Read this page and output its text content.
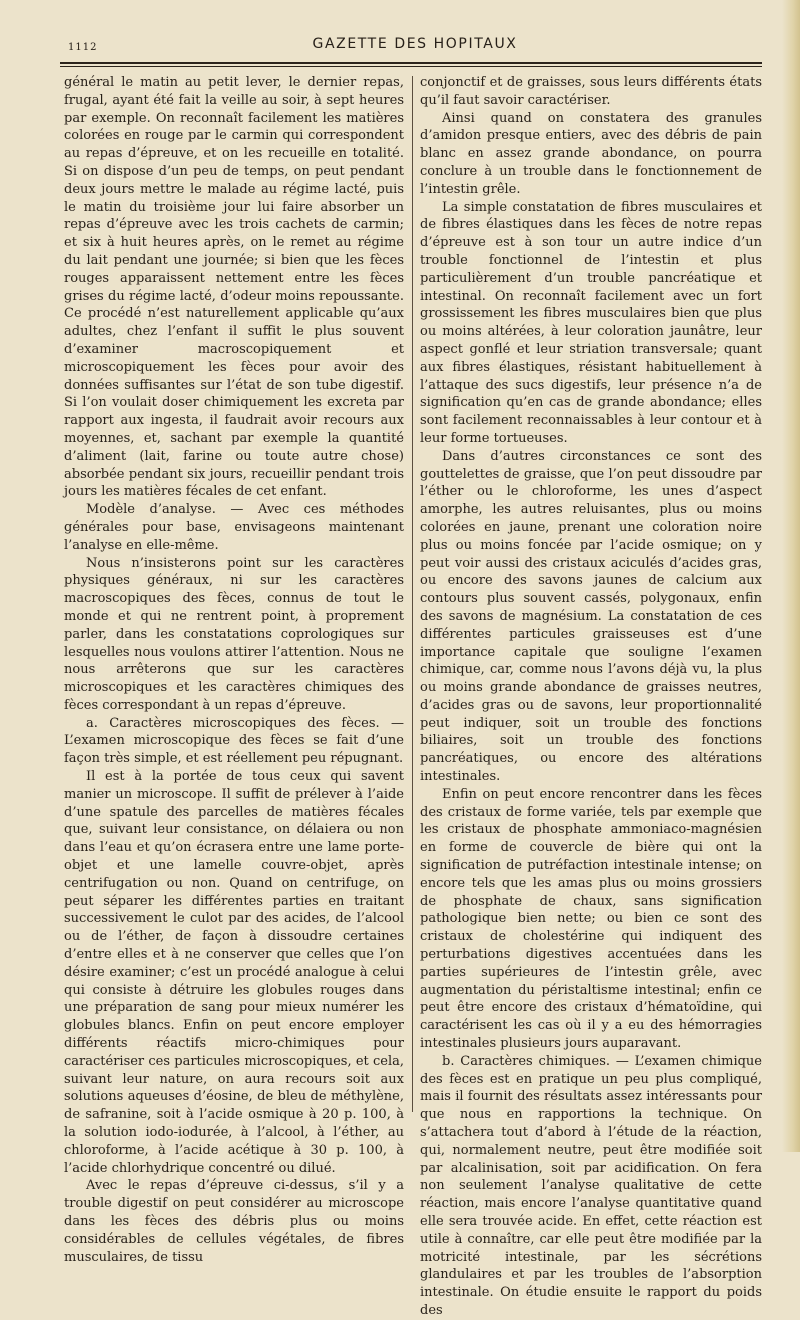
1112	GAZETTE DES HOPITAUX

général le matin au petit lever, le dernier repas, frugal, ayant été fait la veille au soir, à sept heures par exemple. On reconnaît facilement les matières colorées en rouge par le carmin qui correspondent au repas d’épreuve, et on les recueille en totalité. Si on dispose d’un peu de temps, on peut pendant deux jours mettre le malade au régime lacté, puis le matin du troisième jour lui faire absorber un repas d’épreuve avec les trois cachets de carmin; et six à huit heures après, on le remet au régime du lait pendant une journée; si bien que les fèces rouges apparaissent nettement entre les fèces grises du régime lacté, d’odeur moins repoussante. Ce procédé n’est naturellement applicable qu’aux adultes, chez l’enfant il suffit le plus souvent d’examiner macroscopiquement et microscopiquement les fèces pour avoir des données suffisantes sur l’état de son tube digestif. Si l’on voulait doser chimiquement les excreta par rapport aux ingesta, il faudrait avoir recours aux moyennes, et, sachant par exemple la quantité d’aliment (lait, farine ou toute autre chose) absorbée pendant six jours, recueillir pendant trois jours les matières fécales de cet enfant.

Modèle d’analyse. — Avec ces méthodes générales pour base, envisageons maintenant l’analyse en elle-même.

Nous n’insisterons point sur les caractères physiques généraux, ni sur les caractères macroscopiques des fèces, connus de tout le monde et qui ne rentrent point, à proprement parler, dans les constatations coprologiques sur lesquelles nous voulons attirer l’attention. Nous ne nous arrêterons que sur les caractères microscopiques et les caractères chimiques des fèces correspondant à un repas d’épreuve.

a. Caractères microscopiques des fèces. — L’examen microscopique des fèces se fait d’une façon très simple, et est réellement peu répugnant.

Il est à la portée de tous ceux qui savent manier un microscope. Il suffit de prélever à l’aide d’une spatule des parcelles de matières fécales que, suivant leur consistance, on délaiera ou non dans l’eau et qu’on écrasera entre une lame porte-objet et une lamelle couvre-objet, après centrifugation ou non. Quand on centrifuge, on peut séparer les différentes parties en traitant successivement le culot par des acides, de l’alcool ou de l’éther, de façon à dissoudre certaines d’entre elles et à ne conserver que celles que l’on désire examiner; c’est un procédé analogue à celui qui consiste à détruire les globules rouges dans une préparation de sang pour mieux numérer les globules blancs. Enfin on peut encore employer différents réactifs micro-chimiques pour caractériser ces particules microscopiques, et cela, suivant leur nature, on aura recours soit aux solutions aqueuses d’éosine, de bleu de méthylène, de safranine, soit à l’acide osmique à 20 p. 100, à la solution iodo-iodurée, à l’alcool, à l’éther, au chloroforme, à l’acide acétique à 30 p. 100, à l’acide chlorhydrique concentré ou dilué.

Avec le repas d’épreuve ci-dessus, s’il y a trouble digestif on peut considérer au microscope dans les fèces des débris plus ou moins considérables de cellules végétales, de fibres musculaires, de tissu

conjonctif et de graisses, sous leurs différents états qu’il faut savoir caractériser.

Ainsi quand on constatera des granules d’amidon presque entiers, avec des débris de pain blanc en assez grande abondance, on pourra conclure à un trouble dans le fonctionnement de l’intestin grêle.

La simple constatation de fibres musculaires et de fibres élastiques dans les fèces de notre repas d’épreuve est à son tour un autre indice d’un trouble fonctionnel de l’intestin et plus particulièrement d’un trouble pancréatique et intestinal. On reconnaît facilement avec un fort grossissement les fibres musculaires bien que plus ou moins altérées, à leur coloration jaunâtre, leur aspect gonflé et leur striation transversale; quant aux fibres élastiques, résistant habituellement à l’attaque des sucs digestifs, leur présence n’a de signification qu’en cas de grande abondance; elles sont facilement reconnaissables à leur contour et à leur forme tortueuses.

Dans d’autres circonstances ce sont des gouttelettes de graisse, que l’on peut dissoudre par l’éther ou le chloroforme, les unes d’aspect amorphe, les autres reluisantes, plus ou moins colorées en jaune, prenant une coloration noire plus ou moins foncée par l’acide osmique; on y peut voir aussi des cristaux aciculés d’acides gras, ou encore des savons jaunes de calcium aux contours plus souvent cassés, polygonaux, enfin des savons de magnésium. La constatation de ces différentes particules graisseuses est d’une importance capitale que souligne l’examen chimique, car, comme nous l’avons déjà vu, la plus ou moins grande abondance de graisses neutres, d’acides gras ou de savons, leur proportionnalité peut indiquer, soit un trouble des fonctions biliaires, soit un trouble des fonctions pancréatiques, ou encore des altérations intestinales.

Enfin on peut encore rencontrer dans les fèces des cristaux de forme variée, tels par exemple que les cristaux de phosphate ammoniaco-magnésien en forme de couvercle de bière qui ont la signification de putréfaction intestinale intense; on encore tels que les amas plus ou moins grossiers de phosphate de chaux, sans signification pathologique bien nette; ou bien ce sont des cristaux de cholestérine qui indiquent des perturbations digestives accentuées dans les parties supérieures de l’intestin grêle, avec augmentation du péristaltisme intestinal; enfin ce peut être encore des cristaux d’hématoïdine, qui caractérisent les cas où il y a eu des hémorragies intestinales plusieurs jours auparavant.

b. Caractères chimiques. — L’examen chimique des fèces est en pratique un peu plus compliqué, mais il fournit des résultats assez intéressants pour que nous en rapportions la technique. On s’attachera tout d’abord à l’étude de la réaction, qui, normalement neutre, peut être modifiée soit par alcalinisation, soit par acidification. On fera non seulement l’analyse qualitative de cette réaction, mais encore l’analyse quantitative quand elle sera trouvée acide. En effet, cette réaction est utile à connaître, car elle peut être modifiée par la motricité intestinale, par les sécrétions glandulaires et par les troubles de l’absorption intestinale. On étudie ensuite le rapport du poids des
